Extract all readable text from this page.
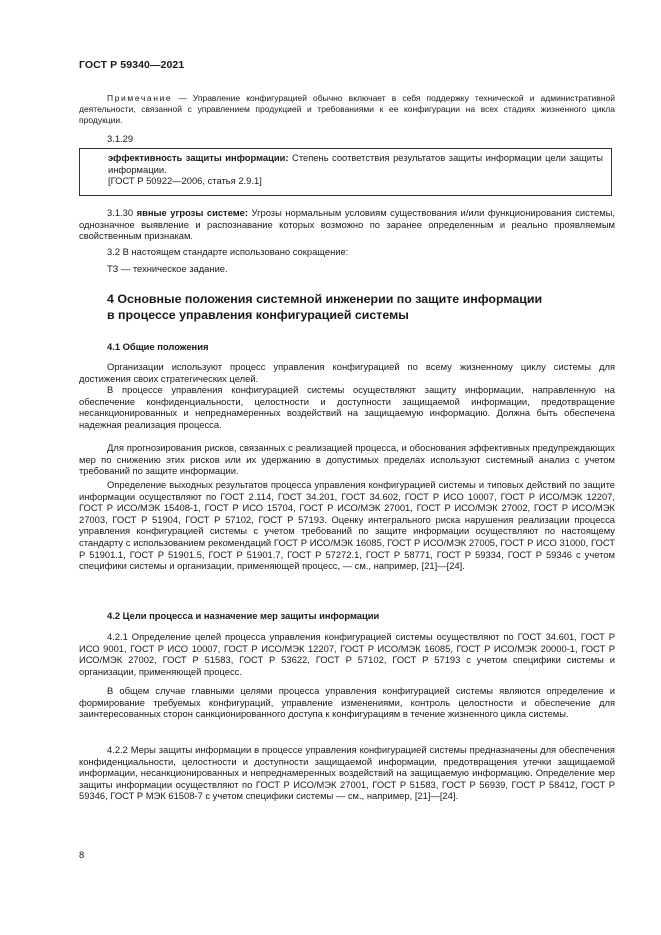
ГОСТ Р 59340—2021

Примечание — Управление конфигурацией обычно включает в себя поддержку технической и административной деятельности, связанной с управлением продукцией и требованиями к ее конфигурации на всех стадиях жизненного цикла продукции.

3.1.29
эффективность защиты информации: Степень соответствия результатов защиты информации цели защиты информации.
[ГОСТ Р 50922—2006, статья 2.9.1]

3.1.30 явные угрозы системе: Угрозы нормальным условиям существования и/или функционирования системы, однозначное выявление и распознавание которых возможно по заранее определенным и реально проявляемым свойственным признакам.

3.2 В настоящем стандарте использовано сокращение:

ТЗ — техническое задание.

4 Основные положения системной инженерии по защите информации
в процессе управления конфигурацией системы
4.1 Общие положения

Организации используют процесс управления конфигурацией по всему жизненному циклу системы для достижения своих стратегических целей.

В процессе управления конфигурацией системы осуществляют защиту информации, направленную на обеспечение конфиденциальности, целостности и доступности защищаемой информации, предотвращение несанкционированных и непреднамеренных воздействий на защищаемую информацию. Должна быть обеспечена надежная реализация процесса.

Для прогнозирования рисков, связанных с реализацией процесса, и обоснования эффективных предупреждающих мер по снижению этих рисков или их удержанию в допустимых пределах используют системный анализ с учетом требований по защите информации.

Определение выходных результатов процесса управления конфигурацией системы и типовых действий по защите информации осуществляют по ГОСТ 2.114, ГОСТ 34.201, ГОСТ 34.602, ГОСТ Р ИСО 10007, ГОСТ Р ИСО/МЭК 12207, ГОСТ Р ИСО/МЭК 15408-1, ГОСТ Р ИСО 15704, ГОСТ Р ИСО/МЭК 27001, ГОСТ Р ИСО/МЭК 27002, ГОСТ Р ИСО/МЭК 27003, ГОСТ Р 51904, ГОСТ Р 57102, ГОСТ Р 57193. Оценку интегрального риска нарушения реализации процесса управления конфигурацией системы с учетом требований по защите информации осуществляют по настоящему стандарту с использованием рекомендаций ГОСТ Р ИСО/МЭК 16085, ГОСТ Р ИСО/МЭК 27005, ГОСТ Р ИСО 31000, ГОСТ Р 51901.1, ГОСТ Р 51901.5, ГОСТ Р 51901.7, ГОСТ Р 57272.1, ГОСТ Р 58771, ГОСТ Р 59334, ГОСТ Р 59346 с учетом специфики системы и организации, применяющей процесс, — см., например, [21]—[24].

4.2 Цели процесса и назначение мер защиты информации

4.2.1 Определение целей процесса управления конфигурацией системы осуществляют по ГОСТ 34.601, ГОСТ Р ИСО 9001, ГОСТ Р ИСО 10007, ГОСТ Р ИСО/МЭК 12207, ГОСТ Р ИСО/МЭК 16085, ГОСТ Р ИСО/МЭК 20000-1, ГОСТ Р ИСО/МЭК 27002, ГОСТ Р 51583, ГОСТ Р 53622, ГОСТ Р 57102, ГОСТ Р 57193 с учетом специфики системы и организации, применяющей процесс.

В общем случае главными целями процесса управления конфигурацией системы являются определение и формирование требуемых конфигураций, управление изменениями, контроль целостности и обеспечение для заинтересованных сторон санкционированного доступа к конфигурациям в течение жизненного цикла системы.

4.2.2 Меры защиты информации в процессе управления конфигурацией системы предназначены для обеспечения конфиденциальности, целостности и доступности защищаемой информации, предотвращения утечки защищаемой информации, несанкционированных и непреднамеренных воздействий на защищаемую информацию. Определение мер защиты информации осуществляют по ГОСТ Р ИСО/МЭК 27001, ГОСТ Р 51583, ГОСТ Р 56939, ГОСТ Р 58412, ГОСТ Р 59346, ГОСТ Р МЭК 61508-7 с учетом специфики системы — см., например, [21]—[24].

8
